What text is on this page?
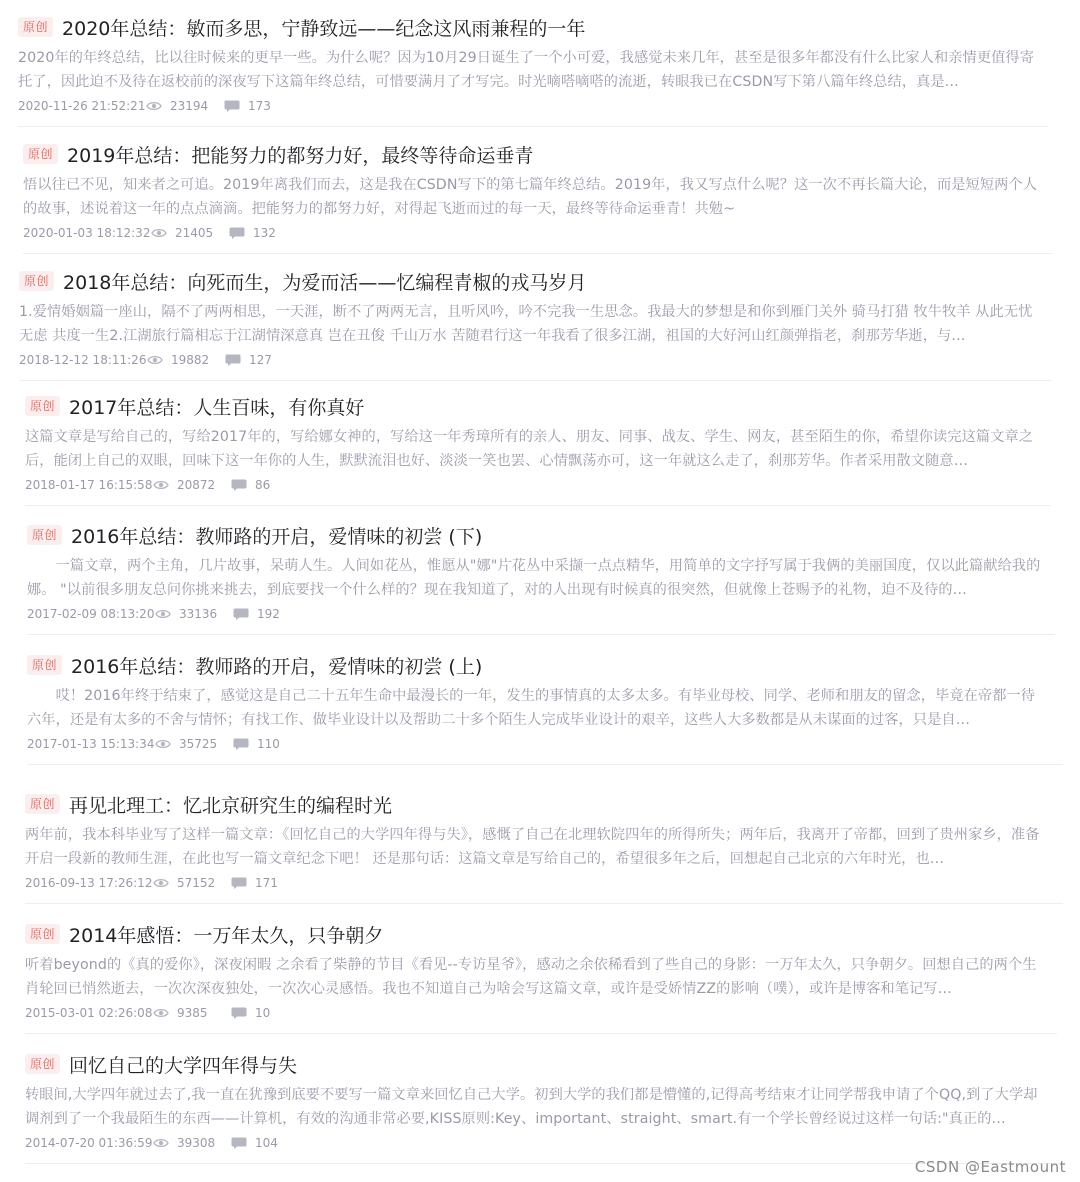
原创 2020年总结：敏而多思，宁静致远——纪念这风雨兼程的一年
2020年的年终总结，比以往时候来的更早一些。为什么呢？因为10月29日诞生了一个小可爱，我感觉未来几年，甚至是很多年都没有什么比家人和亲情更值得寄托了，因此迫不及待在返校前的深夜写下这篇年终总结，可惜要满月了才写完。时光嘀嗒嘀嗒的流逝，转眼我已在CSDN写下第八篇年终总结，真是…
2020-11-26 21:52:21 23194	173
原创 2019年总结：把能努力的都努力好，最终等待命运垂青
悟以往已不见，知来者之可追。2019年离我们而去，这是我在CSDN写下的第七篇年终总结。2019年，我又写点什么呢？这一次不再长篇大论，而是短短两个人的故事，述说着这一年的点点滴滴。把能努力的都努力好，对得起飞逝而过的每一天，最终等待命运垂青！共勉~
2020-01-03 18:12:32 21405	132
原创 2018年总结：向死而生，为爱而活——忆编程青椒的戎马岁月
1.爱情婚姻篇一座山，隔不了两两相思，一天涯，断不了两两无言，且听风吟，吟不完我一生思念。我最大的梦想是和你到雁门关外 骑马打猎 牧牛牧羊 从此无忧无虑 共度一生2.江湖旅行篇相忘于江湖情深意真 岂在丑俊 千山万水 苦随君行这一年我看了很多江湖，祖国的大好河山红颜弹指老，刹那芳华逝，与…
2018-12-12 18:11:26 19882	127
原创 2017年总结：人生百味，有你真好
这篇文章是写给自己的，写给2017年的，写给娜女神的，写给这一年秀璋所有的亲人、朋友、同事、战友、学生、网友，甚至陌生的你，希望你读完这篇文章之后，能闭上自己的双眼，回味下这一年你的人生，默默流泪也好、淡淡一笑也罢、心情飘荡亦可，这一年就这么走了，刹那芳华。作者采用散文随意…
2018-01-17 16:15:58 20872	86
原创 2016年总结：教师路的开启，爱情味的初尝 (下)
　　一篇文章，两个主角，几片故事，呆萌人生。人间如花丛，惟愿从"娜"片花丛中采撷一点点精华，用简单的文字抒写属于我俩的美丽国度，仅以此篇献给我的娜。 "以前很多朋友总问你挑来挑去，到底要找一个什么样的？现在我知道了，对的人出现有时候真的很突然，但就像上苍赐予的礼物，迫不及待的…
2017-02-09 08:13:20 33136	192
原创 2016年总结：教师路的开启，爱情味的初尝 (上)
　　哎！2016年终于结束了，感觉这是自己二十五年生命中最漫长的一年，发生的事情真的太多太多。有毕业母校、同学、老师和朋友的留念，毕竟在帝都一待六年，还是有太多的不舍与情怀；有找工作、做毕业设计以及帮助二十多个陌生人完成毕业设计的艰辛，这些人大多数都是从未谋面的过客，只是自…
2017-01-13 15:13:34 35725	110
原创 再见北理工：忆北京研究生的编程时光
两年前，我本科毕业写了这样一篇文章：《回忆自己的大学四年得与失》，感慨了自己在北理软院四年的所得所失；两年后，我离开了帝都，回到了贵州家乡，准备开启一段新的教师生涯，在此也写一篇文章纪念下吧！ 还是那句话：这篇文章是写给自己的，希望很多年之后，回想起自己北京的六年时光，也…
2016-09-13 17:26:12 57152	171
原创 2014年感悟：一万年太久，只争朝夕
听着beyond的《真的爱你》，深夜闲暇 之余看了柴静的节目《看见--专访星爷》，感动之余依稀看到了些自己的身影：一万年太久，只争朝夕。回想自己的两个生肖轮回已悄然逝去，一次次深夜独处，一次次心灵感悟。我也不知道自己为啥会写这篇文章，或许是受娇情ZZ的影响（噗），或许是博客和笔记写…
2015-03-01 02:26:08 9385	10
原创 回忆自己的大学四年得与失
转眼间,大学四年就过去了,我一直在犹豫到底要不要写一篇文章来回忆自己大学。初到大学的我们都是懵懂的,记得高考结束才让同学帮我申请了个QQ,到了大学却调剂到了一个我最陌生的东西——计算机，有效的沟通非常必要,KISS原则:Key、important、straight、smart.有一个学长曾经说过这样一句话:"真正的…
2014-07-20 01:36:59 39308	104
CSDN @Eastmount
